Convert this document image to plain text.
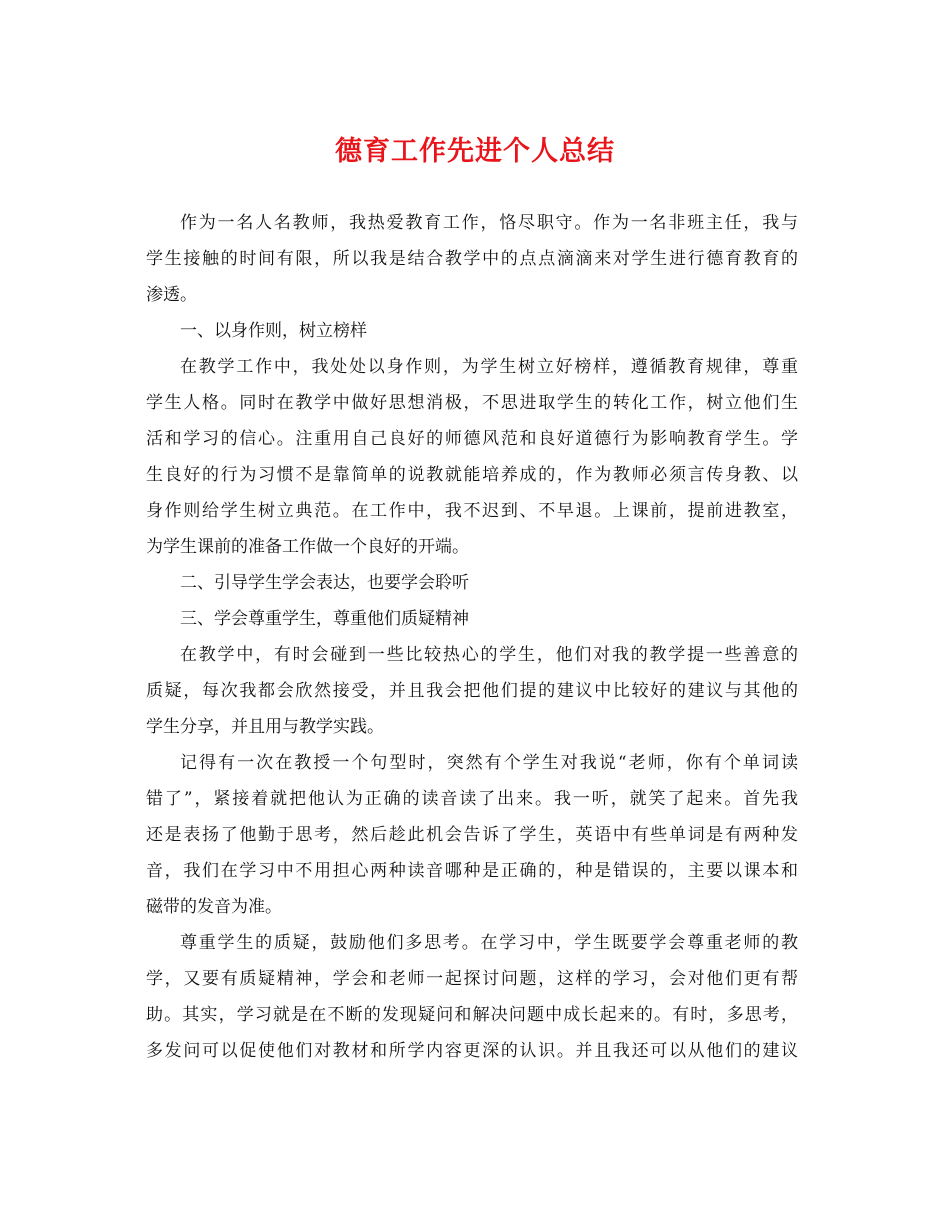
德育工作先进个人总结
作为一名人名教师，我热爱教育工作，恪尽职守。作为一名非班主任，我与
学生接触的时间有限，所以我是结合教学中的点点滴滴来对学生进行德育教育的
渗透。
一、以身作则，树立榜样
在教学工作中，我处处以身作则，为学生树立好榜样，遵循教育规律，尊重
学生人格。同时在教学中做好思想消极，不思进取学生的转化工作，树立他们生
活和学习的信心。注重用自己良好的师德风范和良好道德行为影响教育学生。学
生良好的行为习惯不是靠简单的说教就能培养成的，作为教师必须言传身教、以
身作则给学生树立典范。在工作中，我不迟到、不早退。上课前，提前进教室，
为学生课前的准备工作做一个良好的开端。
二、引导学生学会表达，也要学会聆听
三、学会尊重学生，尊重他们质疑精神
在教学中，有时会碰到一些比较热心的学生，他们对我的教学提一些善意的
质疑，每次我都会欣然接受，并且我会把他们提的建议中比较好的建议与其他的
学生分享，并且用与教学实践。
记得有一次在教授一个句型时，突然有个学生对我说“老师，你有个单词读
错了”，紧接着就把他认为正确的读音读了出来。我一听，就笑了起来。首先我
还是表扬了他勤于思考，然后趁此机会告诉了学生，英语中有些单词是有两种发
音，我们在学习中不用担心两种读音哪种是正确的，种是错误的，主要以课本和
磁带的发音为准。
尊重学生的质疑，鼓励他们多思考。在学习中，学生既要学会尊重老师的教
学，又要有质疑精神，学会和老师一起探讨问题，这样的学习，会对他们更有帮
助。其实，学习就是在不断的发现疑问和解决问题中成长起来的。有时，多思考，
多发问可以促使他们对教材和所学内容更深的认识。并且我还可以从他们的建议
